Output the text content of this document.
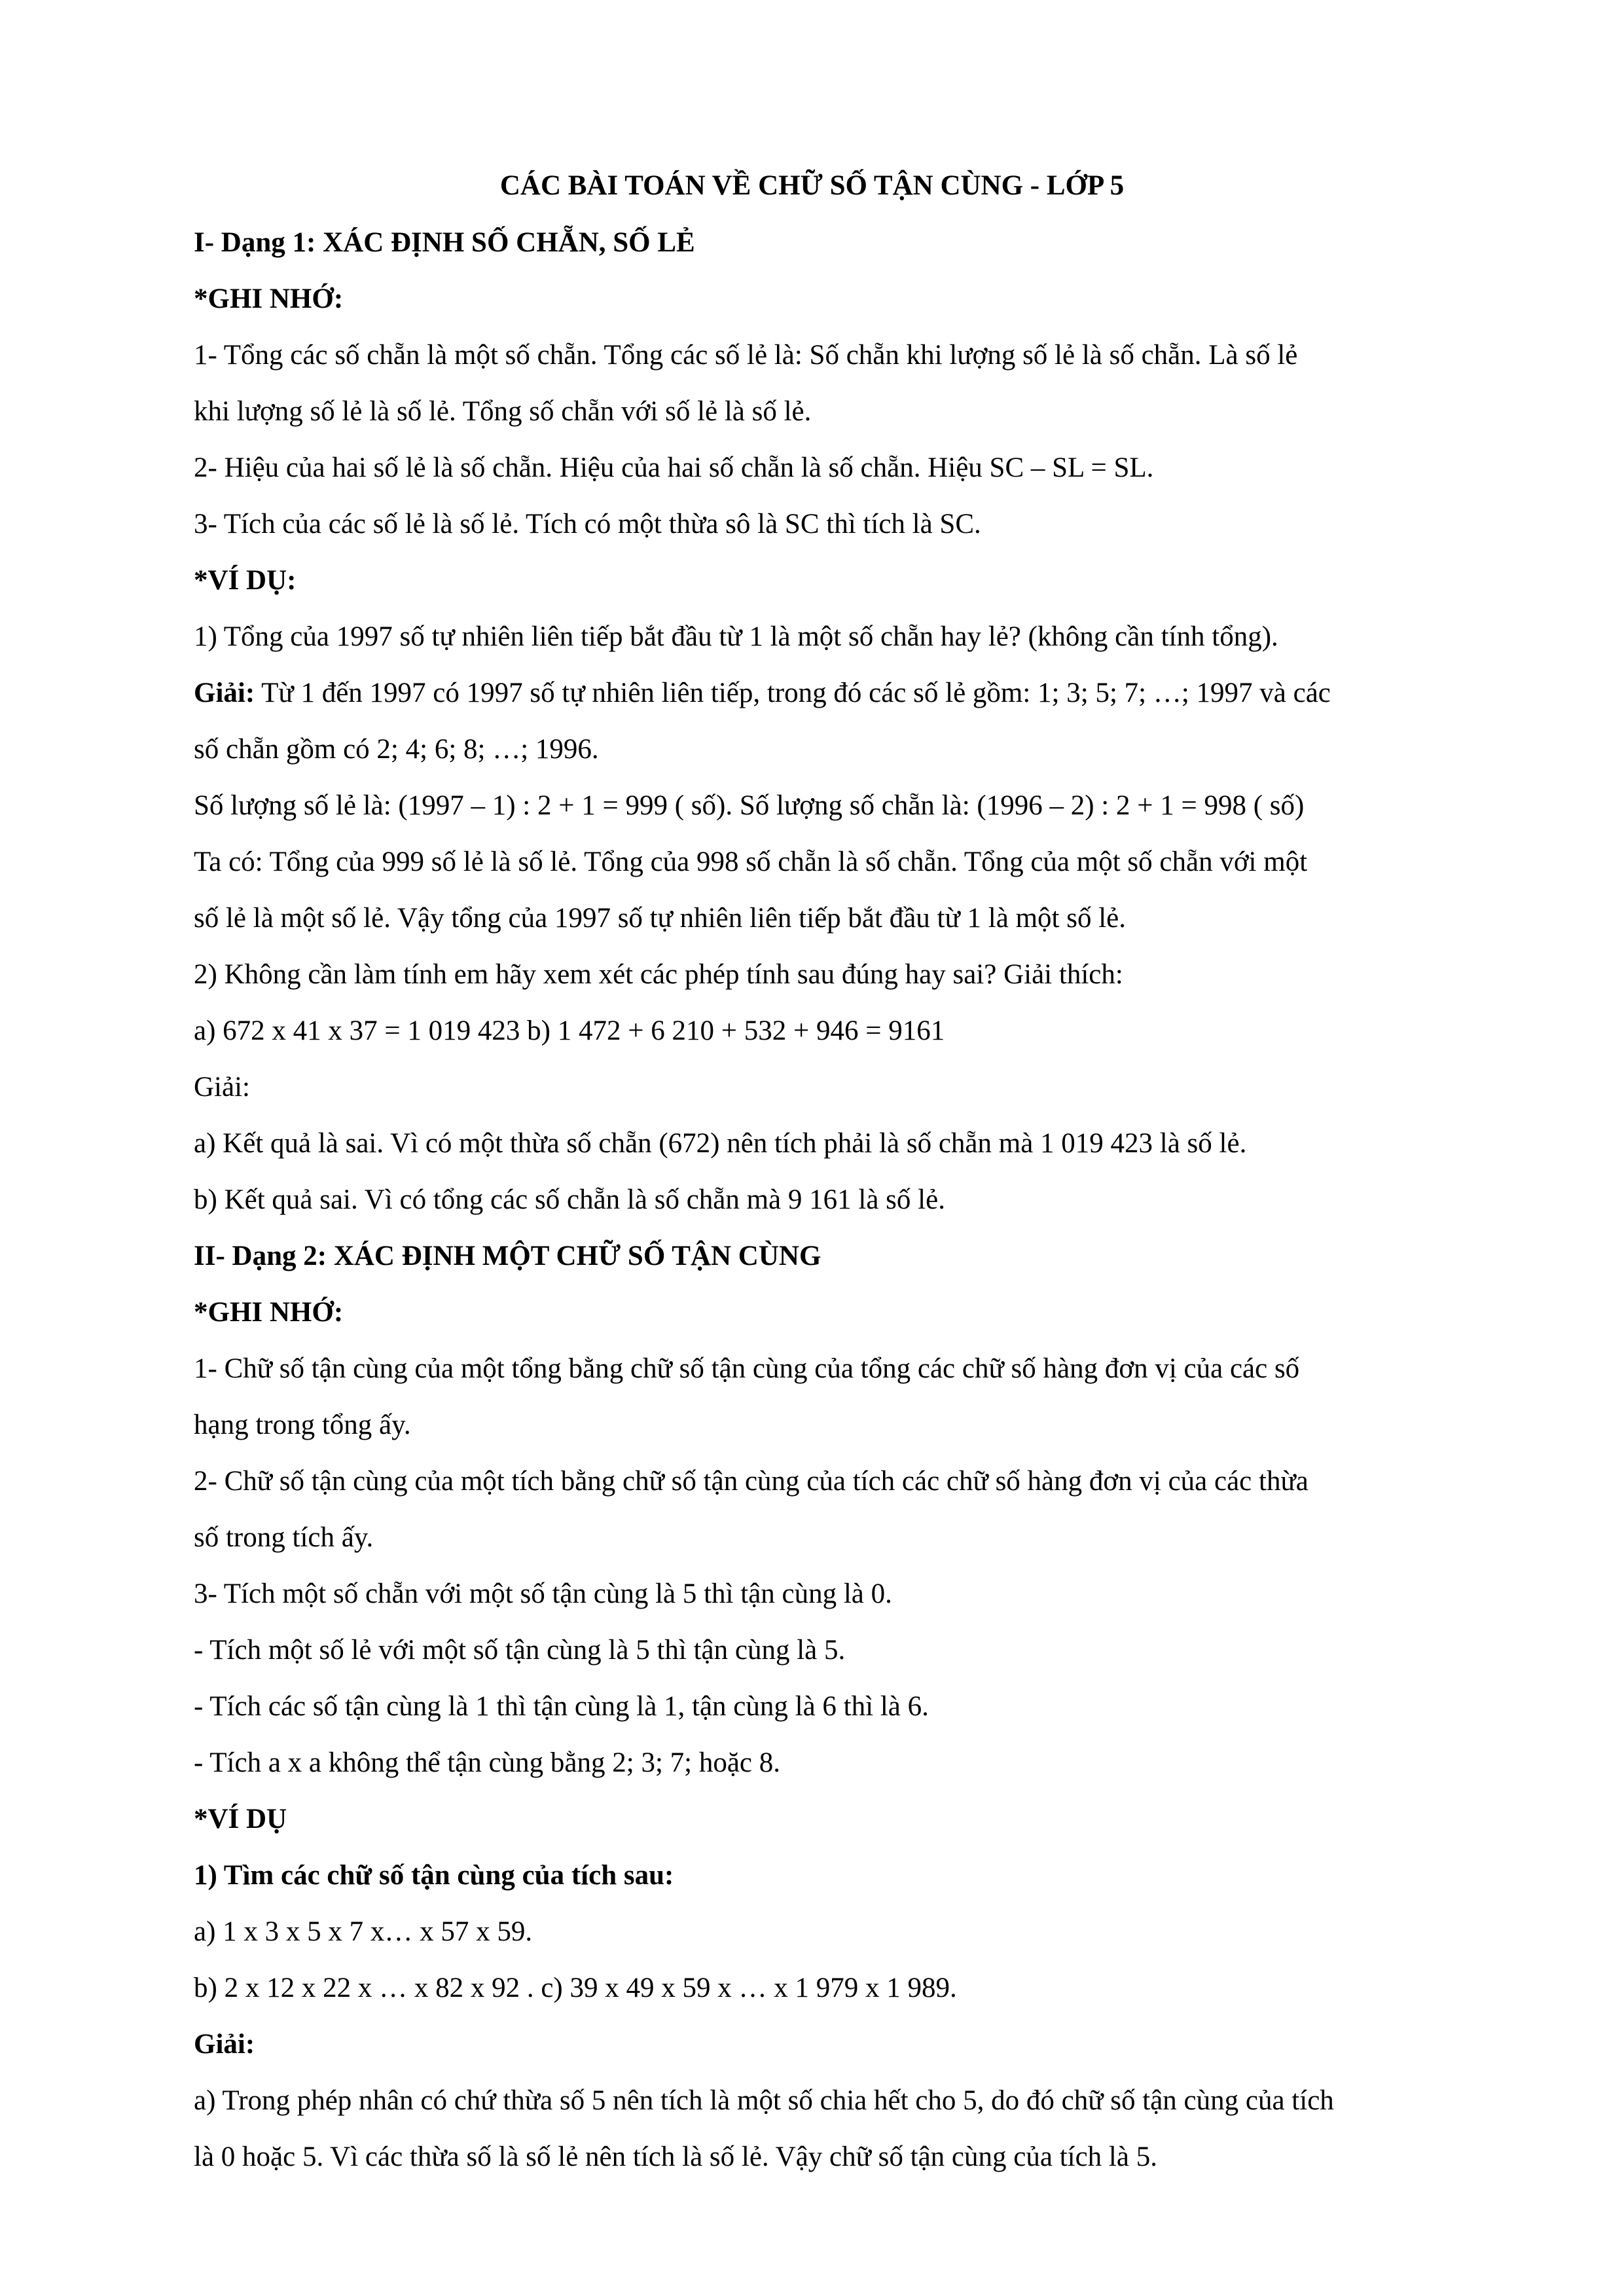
CÁC BÀI TOÁN VỀ CHỮ SỐ TẬN CÙNG - LỚP 5
I- Dạng 1: XÁC ĐỊNH SỐ CHẴN, SỐ LẺ
*GHI NHỚ:
1- Tổng các số chẵn là một số chẵn. Tổng các số lẻ là: Số chẵn khi lượng số lẻ là số chẵn. Là số lẻ
khi lượng số lẻ là số lẻ. Tổng số chẵn với số lẻ là số lẻ.
2- Hiệu của hai số lẻ là số chẵn. Hiệu của hai số chẵn là số chẵn. Hiệu SC – SL = SL.
3- Tích của các số lẻ là số lẻ. Tích có một thừa sô là SC thì tích là SC.
*VÍ DỤ:
1) Tổng của 1997 số tự nhiên liên tiếp bắt đầu từ 1 là một số chẵn hay lẻ? (không cần tính tổng).
Giải: Từ 1 đến 1997 có 1997 số tự nhiên liên tiếp, trong đó các số lẻ gồm: 1; 3; 5; 7; …; 1997 và các
số chẵn gồm có 2; 4; 6; 8; …; 1996.
Số lượng số lẻ là: (1997 – 1) : 2 + 1 = 999 ( số). Số lượng số chẵn là: (1996 – 2) : 2 + 1 = 998 ( số)
Ta có: Tổng của 999 số lẻ là số lẻ. Tổng của 998 số chẵn là số chẵn. Tổng của một số chẵn với một
số lẻ là một số lẻ. Vậy tổng của 1997 số tự nhiên liên tiếp bắt đầu từ 1 là một số lẻ.
2) Không cần làm tính em hãy xem xét các phép tính sau đúng hay sai? Giải thích:
a) 672 x 41 x 37 = 1 019 423 b) 1 472 + 6 210 + 532 + 946 = 9161
Giải:
a) Kết quả là sai. Vì có một thừa số chẵn (672) nên tích phải là số chẵn mà 1 019 423 là số lẻ.
b) Kết quả sai. Vì có tổng các số chẵn là số chẵn mà 9 161 là số lẻ.
II- Dạng 2: XÁC ĐỊNH MỘT CHỮ SỐ TẬN CÙNG
*GHI NHỚ:
1- Chữ số tận cùng của một tổng bằng chữ số tận cùng của tổng các chữ số hàng đơn vị của các số
hạng trong tổng ấy.
2- Chữ số tận cùng của một tích bằng chữ số tận cùng của tích các chữ số hàng đơn vị của các thừa
số trong tích ấy.
3- Tích một số chẵn với một số tận cùng là 5 thì tận cùng là 0.
- Tích một số lẻ với một số tận cùng là 5 thì tận cùng là 5.
- Tích các số tận cùng là 1 thì tận cùng là 1, tận cùng là 6 thì là 6.
- Tích a x a không thể tận cùng bằng 2; 3; 7; hoặc 8.
*VÍ DỤ
1) Tìm các chữ số tận cùng của tích sau:
a) 1 x 3 x 5 x 7 x… x 57 x 59.
b) 2 x 12 x 22 x … x 82 x 92 . c) 39 x 49 x 59 x … x 1 979 x 1 989.
Giải:
a) Trong phép nhân có chứ thừa số 5 nên tích là một số chia hết cho 5, do đó chữ số tận cùng của tích
là 0 hoặc 5. Vì các thừa số là số lẻ nên tích là số lẻ. Vậy chữ số tận cùng của tích là 5.
